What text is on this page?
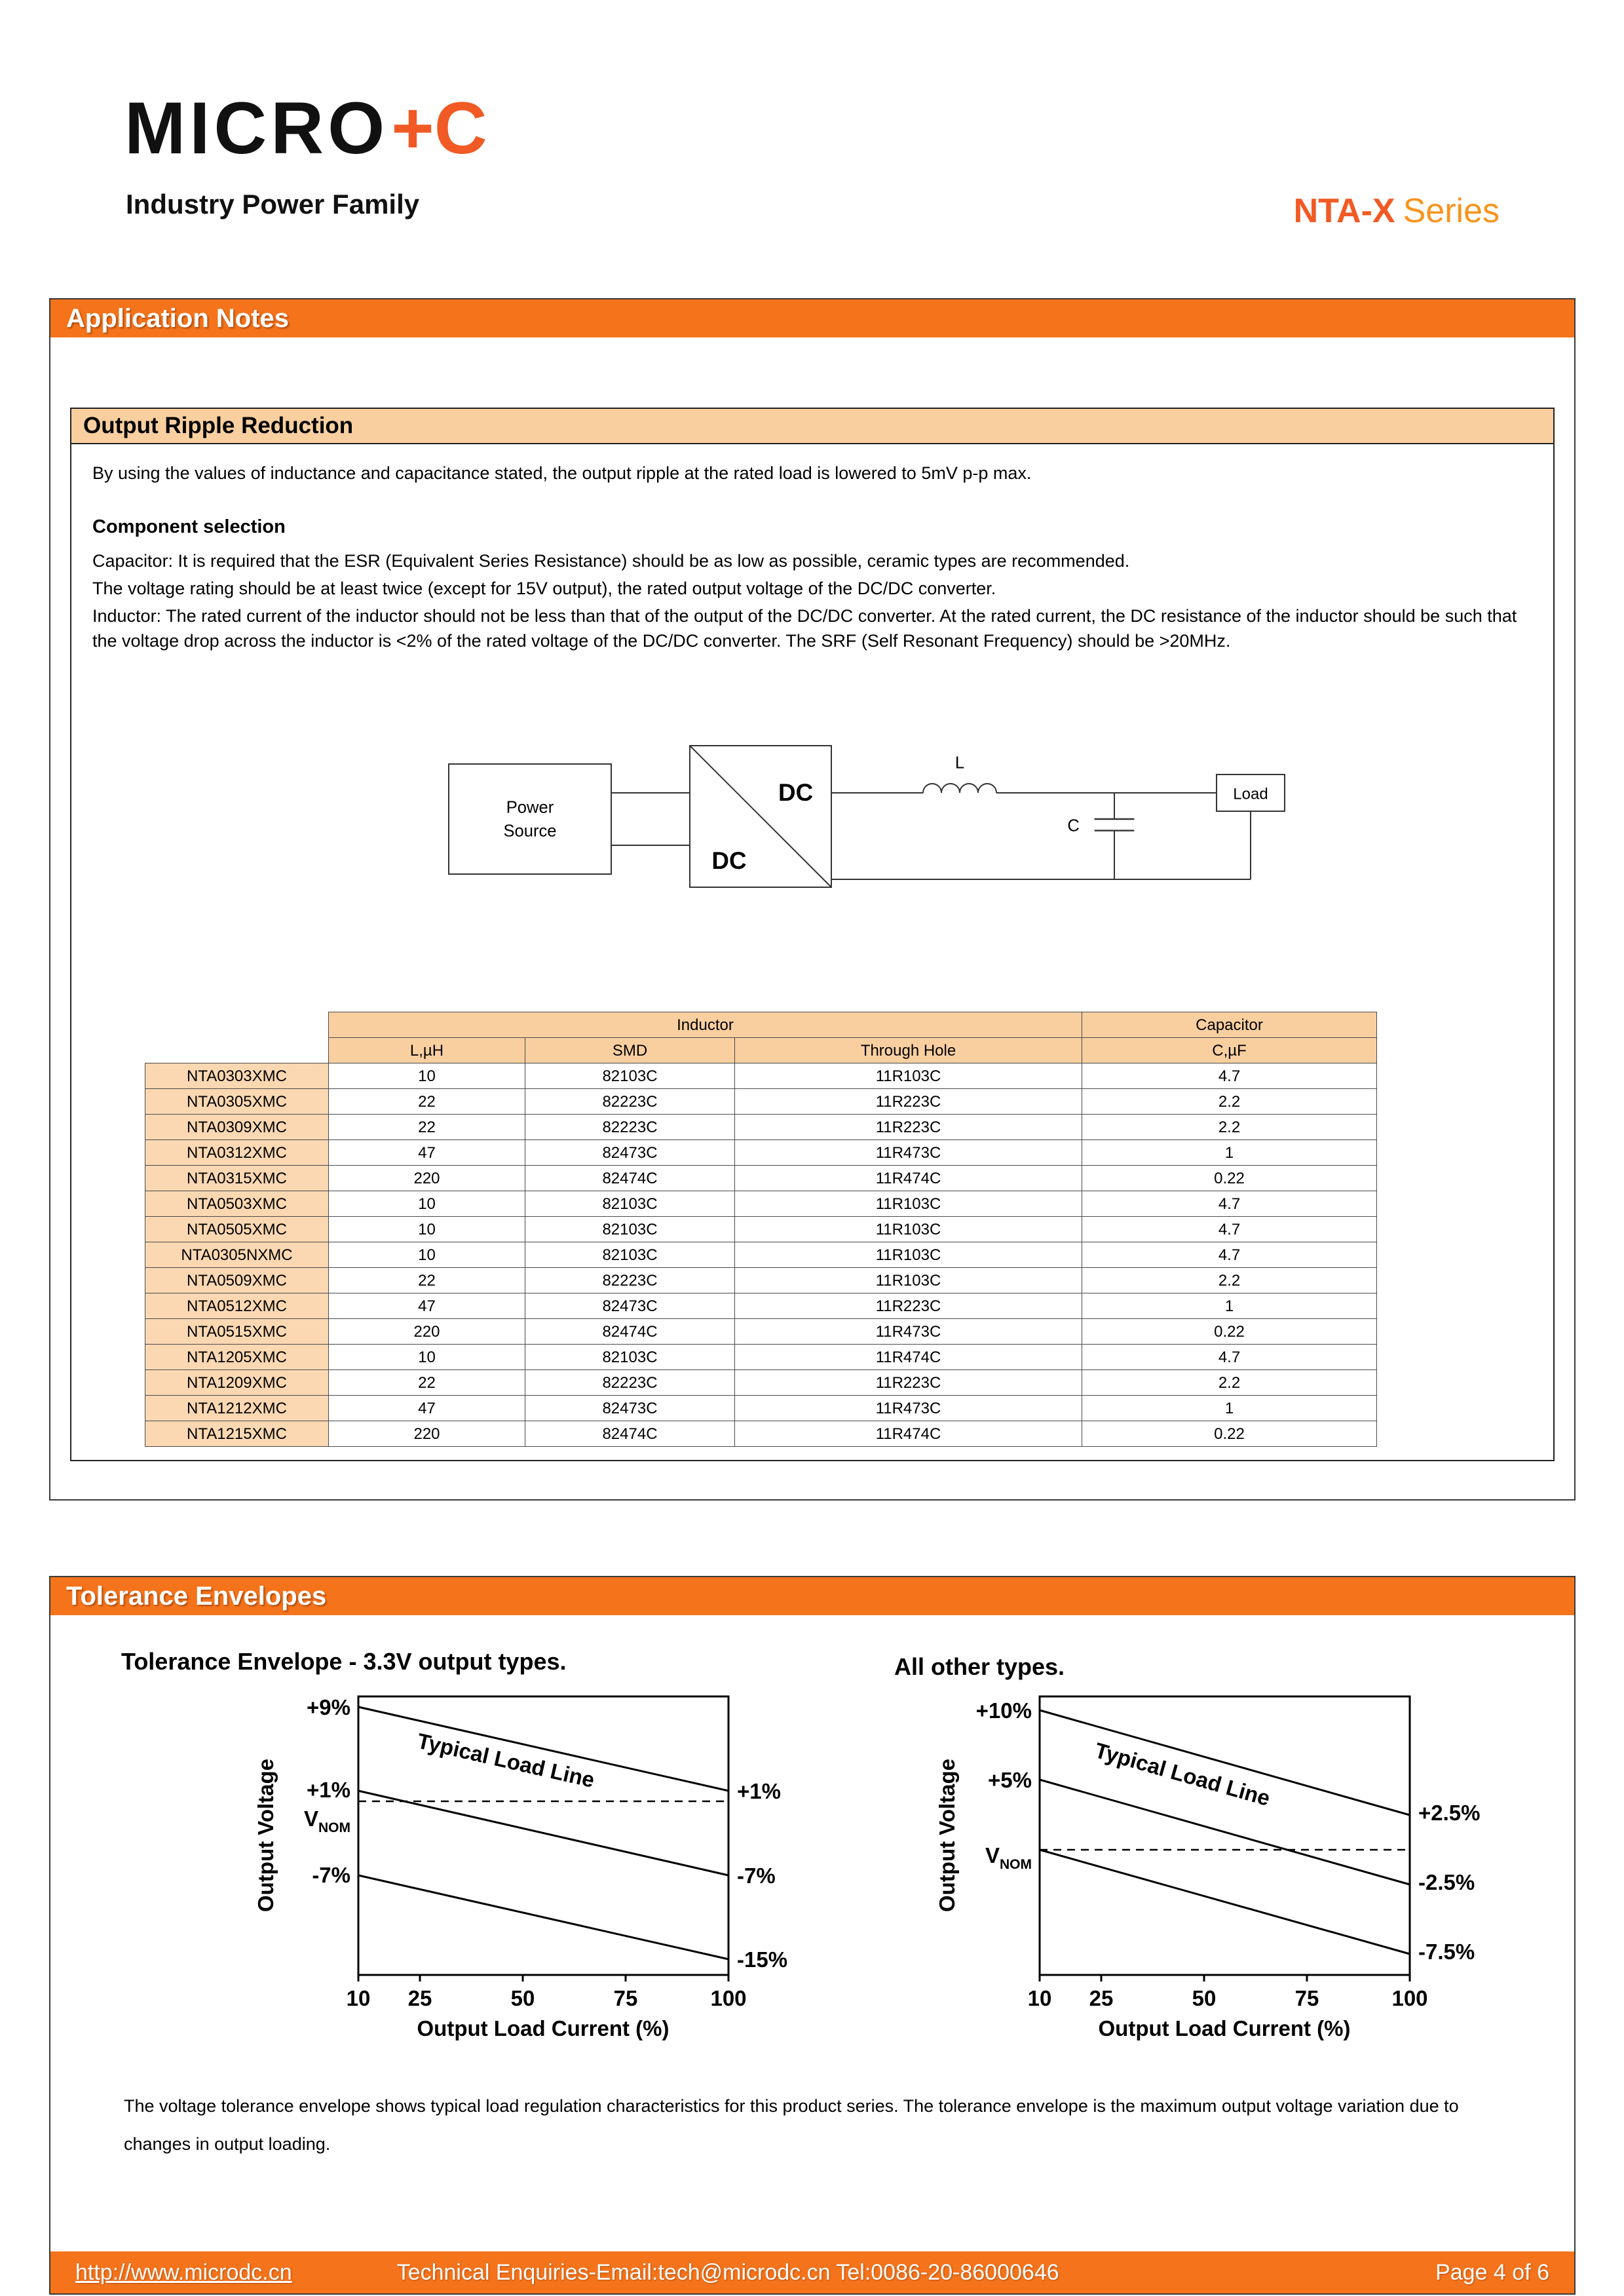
MICRO+C
Industry Power Family	NTA-X Series
Application Notes
Output Ripple Reduction

By using the values of inductance and capacitance stated, the output ripple at the rated load is lowered to 5mV p-p max.

Component selection

Capacitor: It is required that the ESR (Equivalent Series Resistance) should be as low as possible, ceramic types are recommended.

The voltage rating should be at least twice (except for 15V output), the rated output voltage of the DC/DC converter.

Inductor: The rated current of the inductor should not be less than that of the output of the DC/DC converter. At the rated current, the DC resistance of the inductor should be such that the voltage drop across the inductor is <2% of the rated voltage of the DC/DC converter. The SRF (Self Resonant Frequency) should be >20MHz.

Power
Source
DC
DC
L
C
Load
	Inductor			Capacitor
	L,µH	SMD	Through Hole	C,µF
NTA0303XMC	10	82103C	11R103C	4.7
NTA0305XMC	22	82223C	11R223C	2.2
NTA0309XMC	22	82223C	11R223C	2.2
NTA0312XMC	47	82473C	11R473C	1
NTA0315XMC	220	82474C	11R474C	0.22
NTA0503XMC	10	82103C	11R103C	4.7
NTA0505XMC	10	82103C	11R103C	4.7
NTA0305NXMC	10	82103C	11R103C	4.7
NTA0509XMC	22	82223C	11R103C	2.2
NTA0512XMC	47	82473C	11R223C	1
NTA0515XMC	220	82474C	11R473C	0.22
NTA1205XMC	10	82103C	11R474C	4.7
NTA1209XMC	22	82223C	11R223C	2.2
NTA1212XMC	47	82473C	11R473C	1
NTA1215XMC	220	82474C	11R474C	0.22
Tolerance Envelopes
Tolerance Envelope - 3.3V output types.	All other types.
Typical Load Line
+9%
+1%
$V_{NOM}$
-7%
+1%
-7%
-15%
10 25	50	75	100
Output Load Current (%)
Output Voltage	Typical Load Line
+10%
+5%
$V_{NOM}$
+2.5%
-2.5%
-7.5%
10 25	50	75	100
Output Load Current (%)
Output Voltage

The voltage tolerance envelope shows typical load regulation characteristics for this product series. The tolerance envelope is the maximum output voltage variation due to

changes in output loading.

http://www.microdc.cn	Technical Enquiries-Email:tech@microdc.cn Tel:0086-20-86000646	Page 4 of 6
